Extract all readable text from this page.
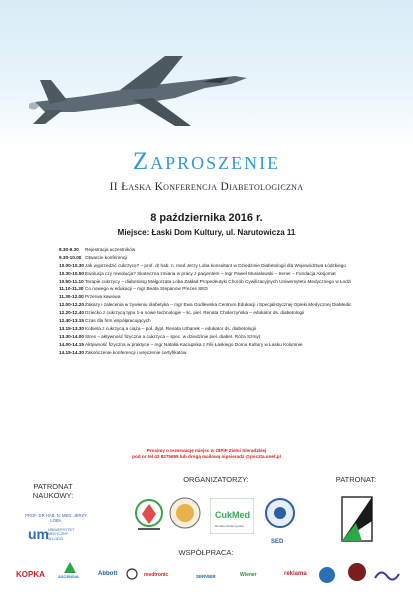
Zaproszenie
II Łaska Konferencja Diabetologiczna
8 października 2016 r.
Miejsce: Łaski Dom Kultury, ul. Narutowicza 11
8.30-9.30	Rejestracja uczestników
9.30-10.00 Otwarcie konferencji
10.00-10.30 Jak wyprzedzić cukrzycę? – prof. dr hab. n. med Jerzy Loba konsultant w Dziedzinie Diabetologii dla Województwa Łódzkiego
10.30-10.50 Ewolucja czy rewolucja? Skuteczna zmiana w pracy z pacjentem – mgr Paweł Musiałowski – trener – Fundacja Aksjomat
10.50-11.10 Terapie cukrzycy – diabetolog Małgorzata Loba Zakład Propedeutyki Chorób Cywilizacyjnych Uniwersytetu Medycznego w Łodzi
11.10-11.30 Co nowego w edukacji – mgr Beata Stepanow Prezes SED
11.30-12.00 Przerwa kawowa
12.00-12.20 Zakazy i zalecenia w żywieniu diabetyka – mgr Ewa Godlewska Centrum Edukacji i Specjalistycznej Opieki Medycznej DiaMedic
12.20-12.40 Dziecko z cukrzycą typu 1-a nowe technologie – lic. piel. Renata Cholerzyńska – edukator ds. diabetologii
12.40-13.15 Czas dla firm współpracujących
13.15-13.30 Kobieta z cukrzycą a ciąża – poł. dypl. Renata Urbanek – edukator ds. diabetologii
13.30-14.00 Stres – aktywność fizyczna a cukrzyca – spec. w dziedzinie piel. diabet. Róża Szmyt
14.00-14.15 Aktywność fizyczna w praktyce – mgr Natalia Kaciupska z Filii Łaskiego Domu Kultury w Łasku Kolumnie
14.15-14.30 Zakończenie konferencji i wręczenie certyfikatów
Prosimy o rezerwację miejsc w OIPiP Ziemi Sieradzkiej
pod nr tel 43 8275655 lub drogą mailową oipsieradz @poczta.onet.pl
PATRONAT
NAUKOWY:
PROF. DR HAB. N. MED. JERZY LOBA
um UNIWERSYTET
MEDYCZNY
W ŁODZI
ORGANIZATORZY:
CukMed
Renata Cholerzyńska
SED
PATRONAT:
WSPÓŁPRACA:
KOPKA	ASCENSIA	Abbott	medtronic	SERVIER	Wiener	reklama
